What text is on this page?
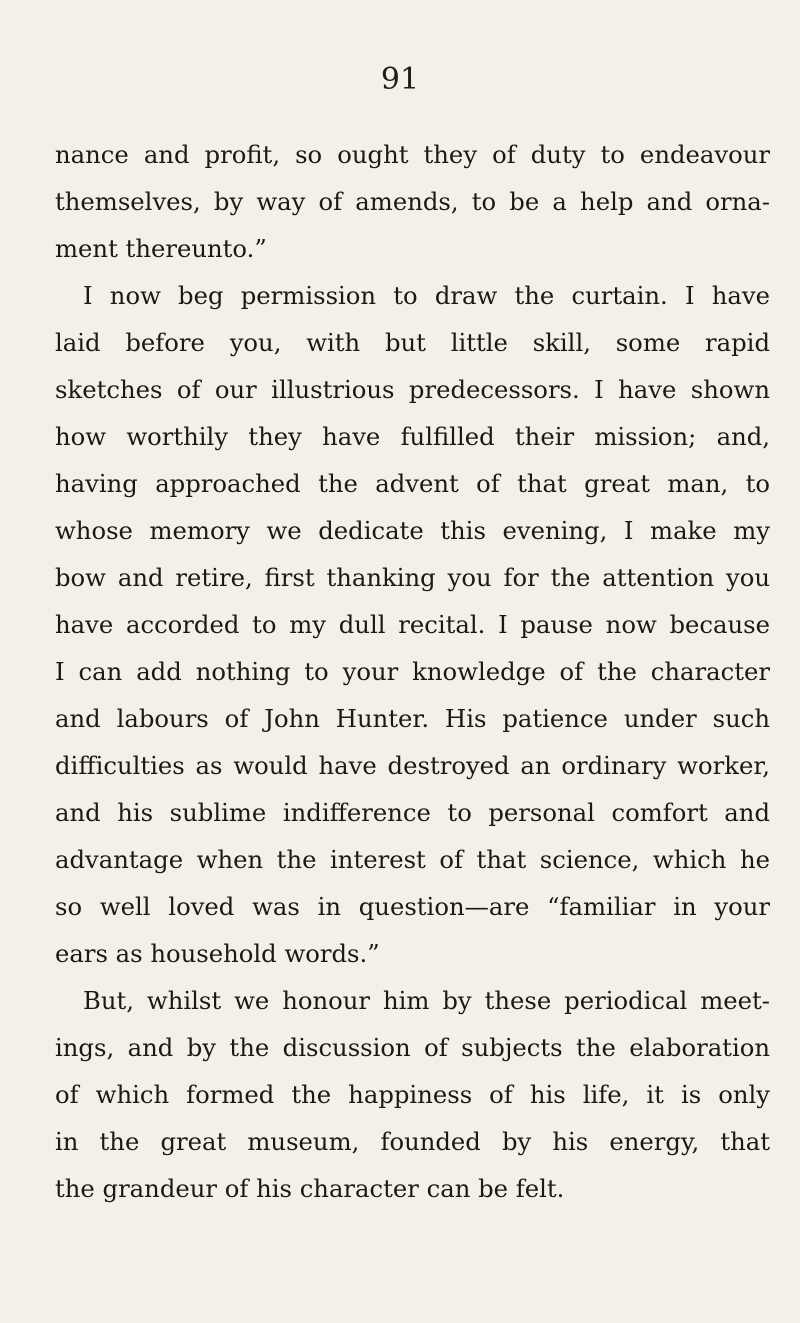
91
nance and profit, so ought they of duty to endeavour
themselves, by way of amends, to be a help and orna-
ment thereunto.”
I now beg permission to draw the curtain. I have
laid before you, with but little skill, some rapid
sketches of our illustrious predecessors. I have shown
how worthily they have fulfilled their mission; and,
having approached the advent of that great man, to
whose memory we dedicate this evening, I make my
bow and retire, first thanking you for the attention you
have accorded to my dull recital. I pause now because
I can add nothing to your knowledge of the character
and labours of John Hunter. His patience under such
difficulties as would have destroyed an ordinary worker,
and his sublime indifference to personal comfort and
advantage when the interest of that science, which he
so well loved was in question—are “familiar in your
ears as household words.”
But, whilst we honour him by these periodical meet-
ings, and by the discussion of subjects the elaboration
of which formed the happiness of his life, it is only
in the great museum, founded by his energy, that
the grandeur of his character can be felt.
